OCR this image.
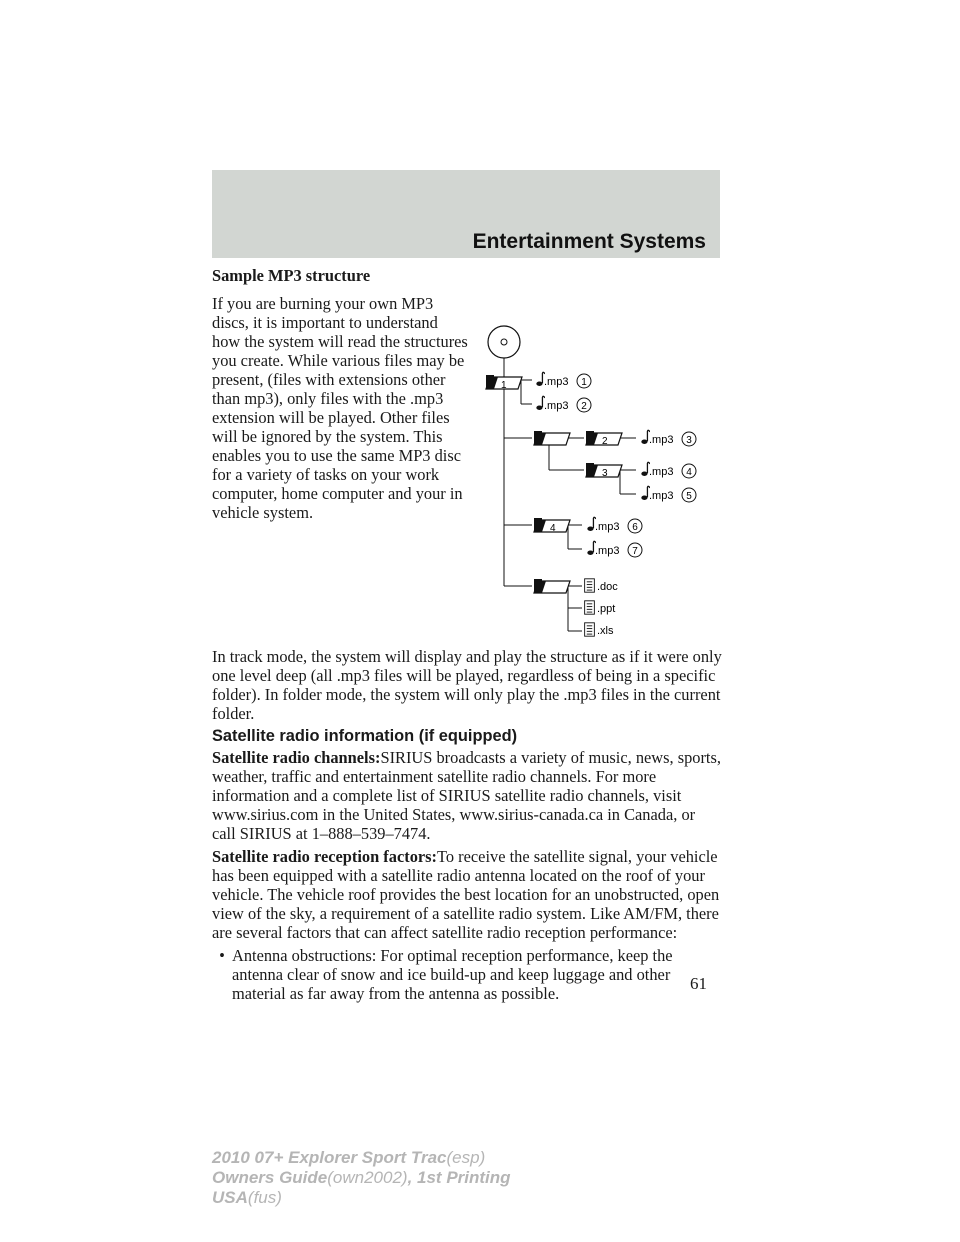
Entertainment Systems

Sample MP3 structure

If you are burning your own MP3 discs, it is important to understand how the system will read the structures you create. While various files may be present, (files with extensions other than mp3), only files with the .mp3 extension will be played. Other files will be ignored by the system. This enables you to use the same MP3 disc for a variety of tasks on your work computer, home computer and your in vehicle system.

1
2
3
4
.mp3 1
.mp3 2
.mp3 3
.mp3 4
.mp3 5
.mp3 6
.mp3 7
.doc
.ppt
.xls

In track mode, the system will display and play the structure as if it were only one level deep (all .mp3 files will be played, regardless of being in a specific folder). In folder mode, the system will only play the .mp3 files in the current folder.

Satellite radio information (if equipped)

Satellite radio channels:SIRIUS broadcasts a variety of music, news, sports, weather, traffic and entertainment satellite radio channels. For more information and a complete list of SIRIUS satellite radio channels, visit www.sirius.com in the United States, www.sirius-canada.ca in Canada, or call SIRIUS at 1–888–539–7474.

Satellite radio reception factors:To receive the satellite signal, your vehicle has been equipped with a satellite radio antenna located on the roof of your vehicle. The vehicle roof provides the best location for an unobstructed, open view of the sky, a requirement of a satellite radio system. Like AM/FM, there are several factors that can affect satellite radio reception performance:

• Antenna obstructions: For optimal reception performance, keep the antenna clear of snow and ice build-up and keep luggage and other material as far away from the antenna as possible.
61
2010 07+ Explorer Sport Trac(esp)
Owners Guide(own2002), 1st Printing
USA(fus)
